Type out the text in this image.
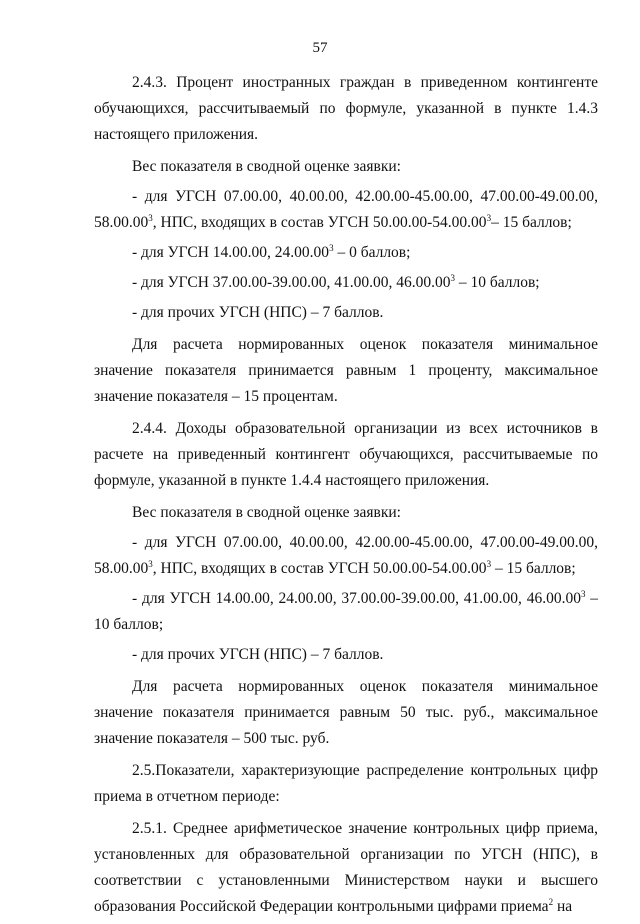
57

2.4.3. Процент иностранных граждан в приведенном контингенте обучающихся, рассчитываемый по формуле, указанной в пункте 1.4.3 настоящего приложения.

Вес показателя в сводной оценке заявки:

- для УГСН 07.00.00, 40.00.00, 42.00.00-45.00.00, 47.00.00-49.00.00, 58.00.00$^3$, НПС, входящих в состав УГСН 50.00.00-54.00.00$^3$– 15 баллов;

- для УГСН 14.00.00, 24.00.00$^3$ – 0 баллов;

- для УГСН 37.00.00-39.00.00, 41.00.00, 46.00.00$^3$ – 10 баллов;

- для прочих УГСН (НПС) – 7 баллов.

Для расчета нормированных оценок показателя минимальное значение показателя принимается равным 1 проценту, максимальное значение показателя – 15 процентам.

2.4.4. Доходы образовательной организации из всех источников в расчете на приведенный контингент обучающихся, рассчитываемые по формуле, указанной в пункте 1.4.4 настоящего приложения.

Вес показателя в сводной оценке заявки:

- для УГСН 07.00.00, 40.00.00, 42.00.00-45.00.00, 47.00.00-49.00.00, 58.00.00$^3$, НПС, входящих в состав УГСН 50.00.00-54.00.00$^3$ – 15 баллов;

- для УГСН 14.00.00, 24.00.00, 37.00.00-39.00.00, 41.00.00, 46.00.00$^3$ – 10 баллов;

- для прочих УГСН (НПС) – 7 баллов.

Для расчета нормированных оценок показателя минимальное значение показателя принимается равным 50 тыс. руб., максимальное значение показателя – 500 тыс. руб.

2.5.Показатели, характеризующие распределение контрольных цифр приема в отчетном периоде:

2.5.1. Среднее арифметическое значение контрольных цифр приема, установленных для образовательной организации по УГСН (НПС), в соответствии с установленными Министерством науки и высшего образования Российской Федерации контрольными цифрами приема$^2$ на
